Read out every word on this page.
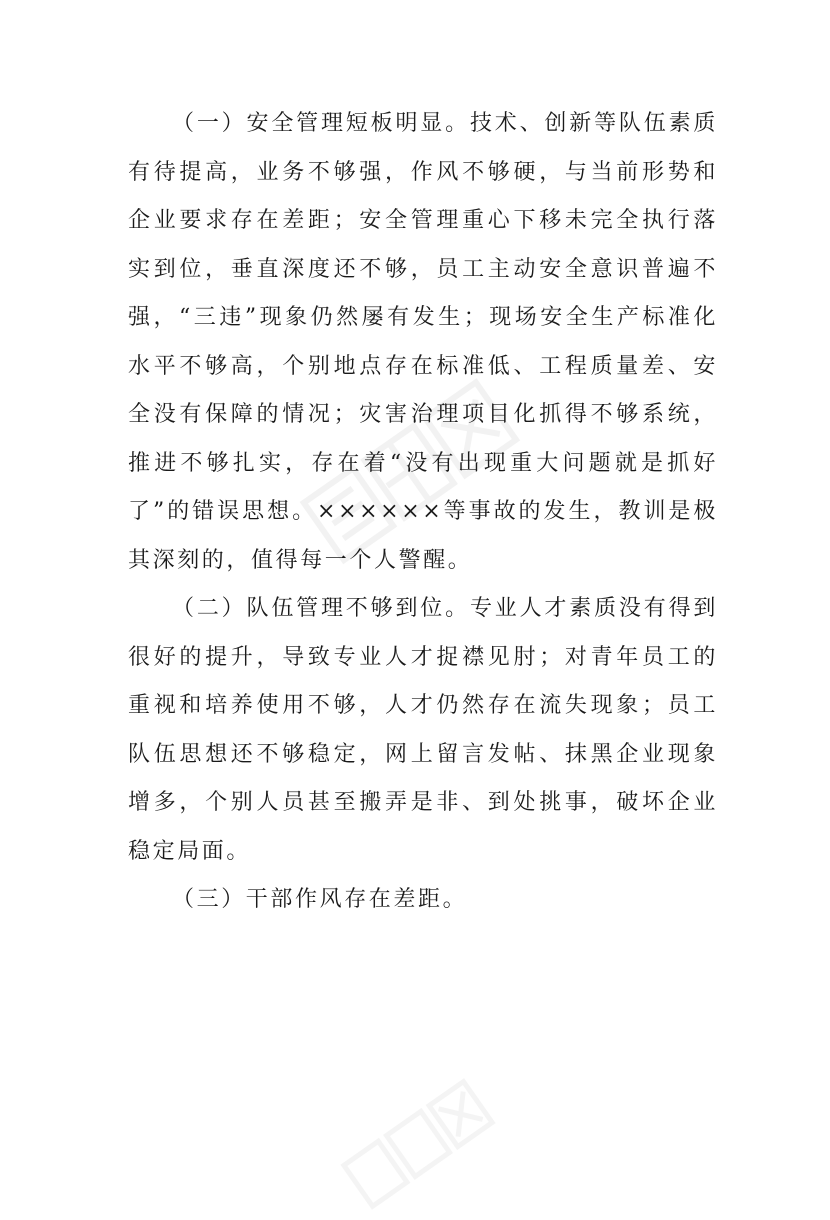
（一）安全管理短板明显。技术、创新等队伍素质有待提高，业务不够强，作风不够硬，与当前形势和企业要求存在差距；安全管理重心下移未完全执行落实到位，垂直深度还不够，员工主动安全意识普遍不强，“三违”现象仍然屡有发生；现场安全生产标准化水平不够高，个别地点存在标准低、工程质量差、安全没有保障的情况；灾害治理项目化抓得不够系统，推进不够扎实，存在着“没有出现重大问题就是抓好了”的错误思想。××××××等事故的发生，教训是极其深刻的，值得每一个人警醒。

（二）队伍管理不够到位。专业人才素质没有得到很好的提升，导致专业人才捉襟见肘；对青年员工的重视和培养使用不够，人才仍然存在流失现象；员工队伍思想还不够稳定，网上留言发帖、抹黑企业现象增多，个别人员甚至搬弄是非、到处挑事，破坏企业稳定局面。

（三）干部作风存在差距。
